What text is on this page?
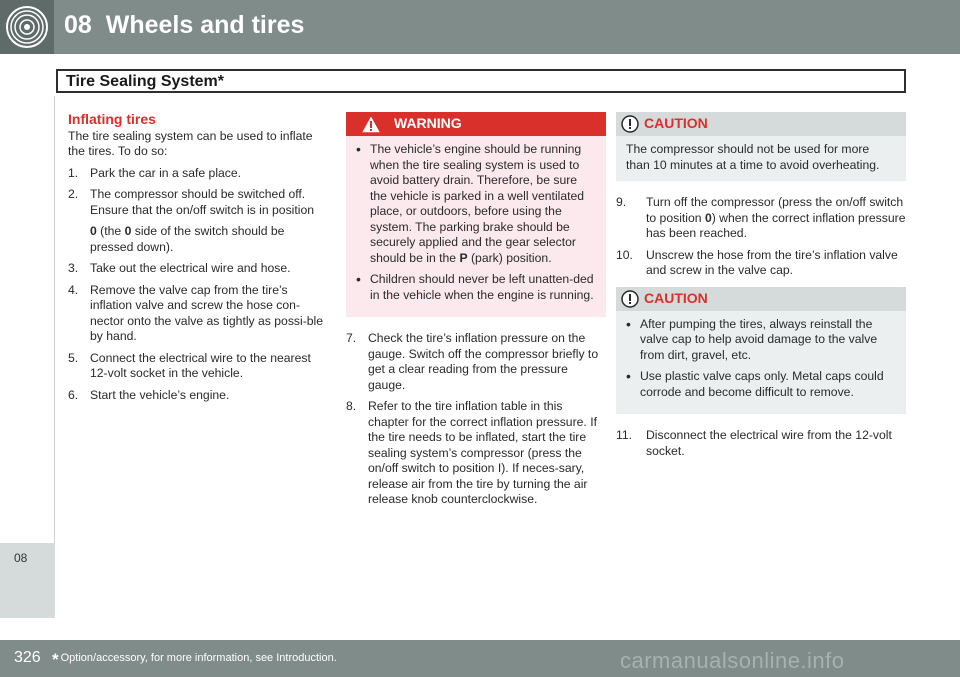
08 Wheels and tires
Tire Sealing System*
08
Inflating tires
The tire sealing system can be used to inflate the tires. To do so:
1. Park the car in a safe place.
2. The compressor should be switched off. Ensure that the on/off switch is in position
0 (the 0 side of the switch should be pressed down).
3. Take out the electrical wire and hose.
4. Remove the valve cap from the tire’s inflation valve and screw the hose con-nector onto the valve as tightly as possi-ble by hand.
5. Connect the electrical wire to the nearest 12-volt socket in the vehicle.
6. Start the vehicle’s engine.
WARNING
• The vehicle’s engine should be running when the tire sealing system is used to avoid battery drain. Therefore, be sure the vehicle is parked in a well ventilated place, or outdoors, before using the system. The parking brake should be securely applied and the gear selector should be in the P (park) position.
• Children should never be left unatten-ded in the vehicle when the engine is running.
7. Check the tire’s inflation pressure on the gauge. Switch off the compressor briefly to get a clear reading from the pressure gauge.
8. Refer to the tire inflation table in this chapter for the correct inflation pressure. If the tire needs to be inflated, start the tire sealing system’s compressor (press the on/off switch to position I). If neces-sary, release air from the tire by turning the air release knob counterclockwise.
CAUTION
The compressor should not be used for more than 10 minutes at a time to avoid overheating.
9. Turn off the compressor (press the on/off switch to position 0) when the correct inflation pressure has been reached.
10. Unscrew the hose from the tire’s inflation valve and screw in the valve cap.
CAUTION
• After pumping the tires, always reinstall the valve cap to help avoid damage to the valve from dirt, gravel, etc.
• Use plastic valve caps only. Metal caps could corrode and become difficult to remove.
11. Disconnect the electrical wire from the 12-volt socket.
326 * Option/accessory, for more information, see Introduction.	carmanualsonline.info
